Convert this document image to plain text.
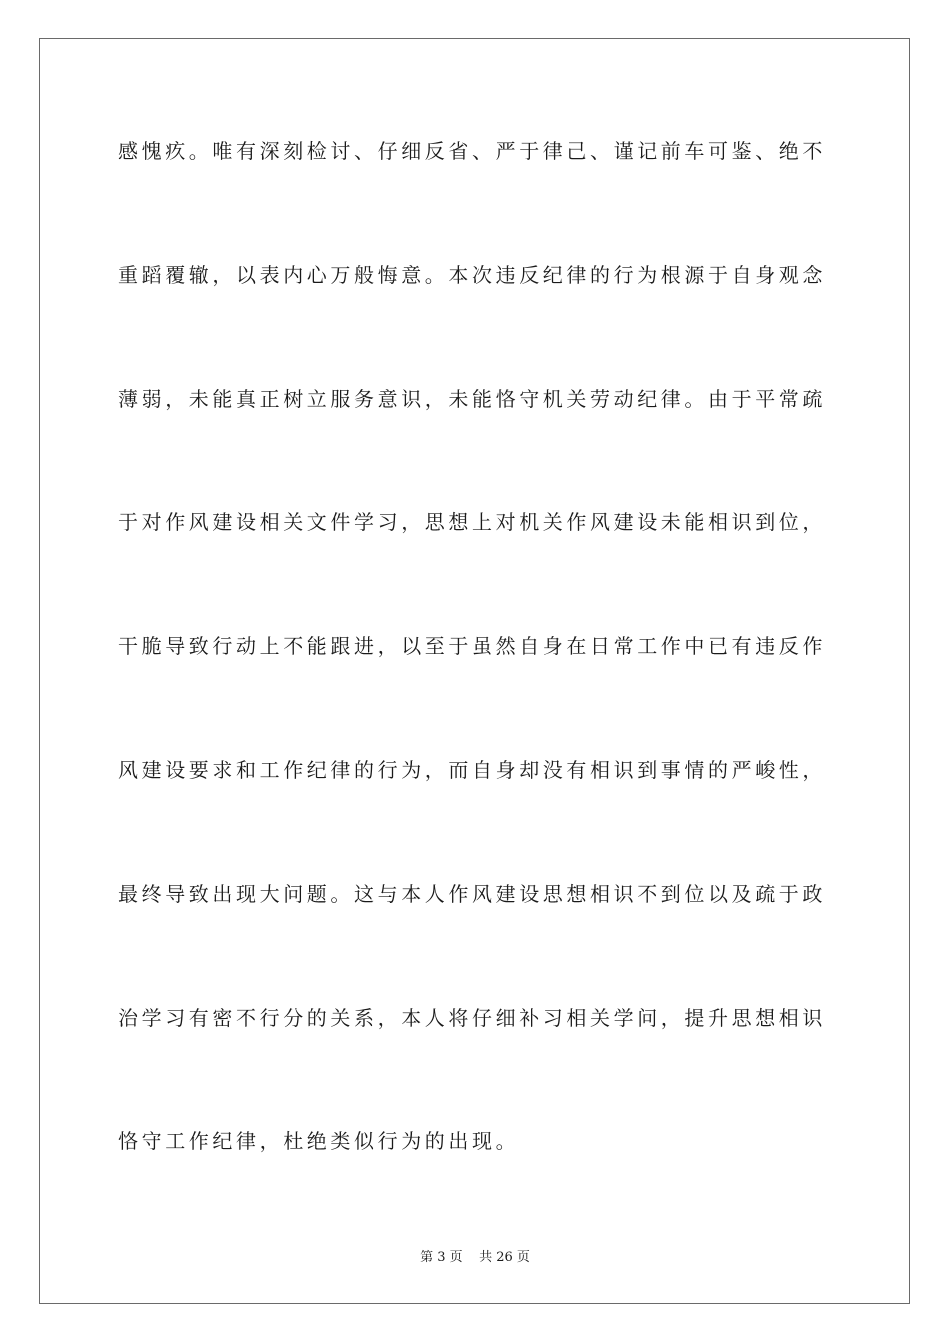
感愧疚。唯有深刻检讨、仔细反省、严于律己、谨记前车可鉴、绝不

重蹈覆辙，以表内心万般悔意。本次违反纪律的行为根源于自身观念

薄弱，未能真正树立服务意识，未能恪守机关劳动纪律。由于平常疏

于对作风建设相关文件学习，思想上对机关作风建设未能相识到位，

干脆导致行动上不能跟进，以至于虽然自身在日常工作中已有违反作

风建设要求和工作纪律的行为，而自身却没有相识到事情的严峻性，

最终导致出现大问题。这与本人作风建设思想相识不到位以及疏于政

治学习有密不行分的关系，本人将仔细补习相关学问，提升思想相识

恪守工作纪律，杜绝类似行为的出现。

第 3 页    共 26 页
